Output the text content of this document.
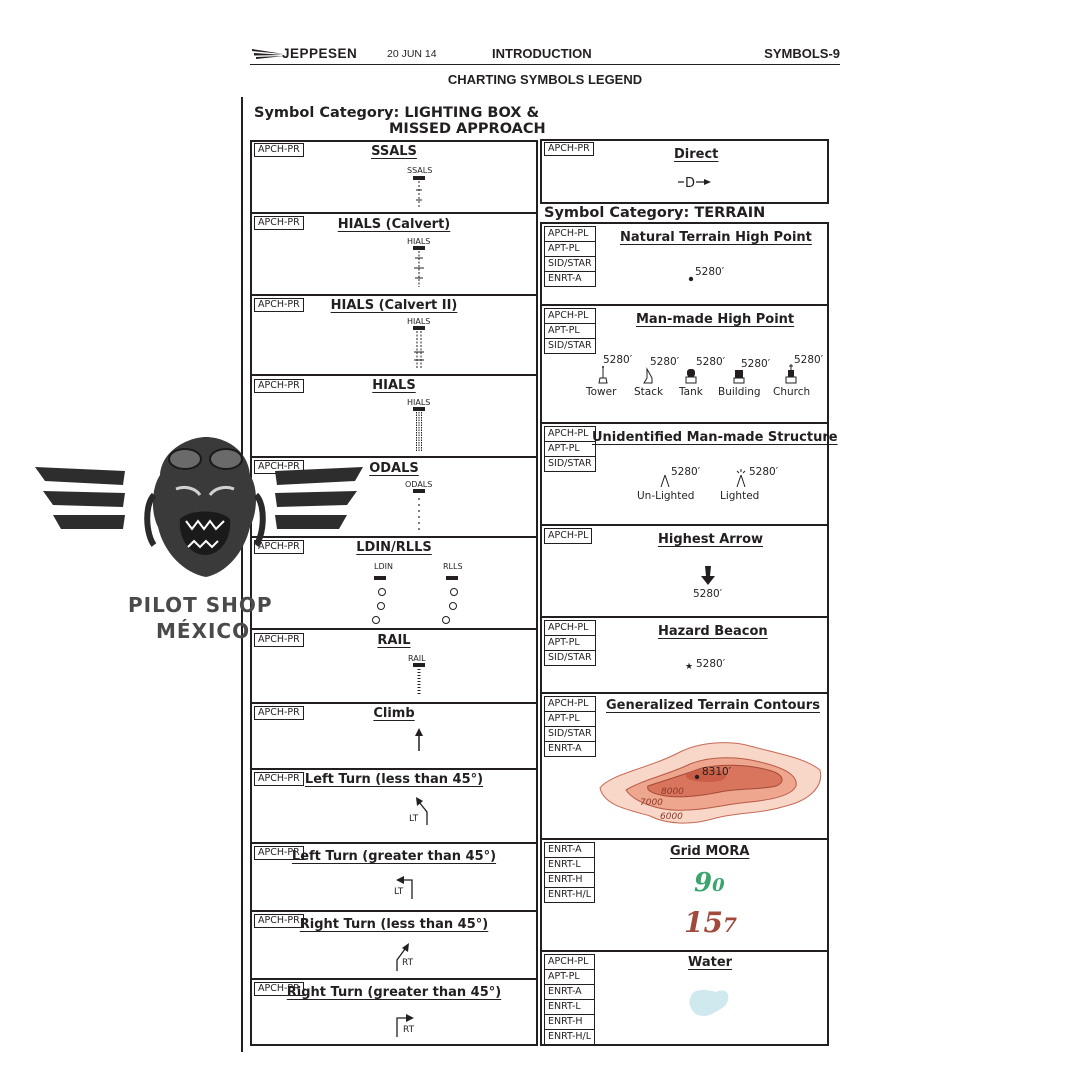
JEPPESEN	20 JUN 14	INTRODUCTION	SYMBOLS-9
CHARTING SYMBOLS LEGEND
Symbol Category: LIGHTING BOX &
MISSED APPROACH
APCH-PR	SSALS
SSALS
APCH-PR	HIALS (Calvert)
HIALS
APCH-PR	HIALS (Calvert II)
HIALS
APCH-PR	HIALS
HIALS
APCH-PR	ODALS
ODALS
APCH-PR	LDIN/RLLS
LDIN	RLLS
APCH-PR	RAIL
RAIL
APCH-PR	Climb
APCH-PR Left Turn (less than 45°)
LT
APCH-PR
Left Turn (greater than 45°)
LT
APCH-PR Right Turn (less than 45°)
RT
APCH-PR
Right Turn (greater than 45°)
RT
APCH-PR	Direct
D
Symbol Category: TERRAIN
APCH-PL
APT-PL
SID/STAR
ENRT-A
Natural Terrain High Point
5280′
APCH-PL
APT-PL
SID/STAR
Man-made High Point
5280′
Tower
5280′
Stack
5280′
Tank
5280′
Building
5280′
Church
APCH-PL
APT-PL
SID/STAR
Unidentified Man-made Structure
5280′
Un-Lighted
5280′
Lighted
APCH-PL	Highest Arrow
5280′
APCH-PL
APT-PL
SID/STAR
Hazard Beacon
★ 5280′
APCH-PL
APT-PL
SID/STAR
ENRT-A
Generalized Terrain Contours
8310′
8000
7000
6000
ENRT-A
ENRT-L
ENRT-H
ENRT-H/L
Grid MORA
90
157
APCH-PL
APT-PL
ENRT-A
ENRT-L
ENRT-H
ENRT-H/L
Water
PILOT SHOP
MÉXICO
